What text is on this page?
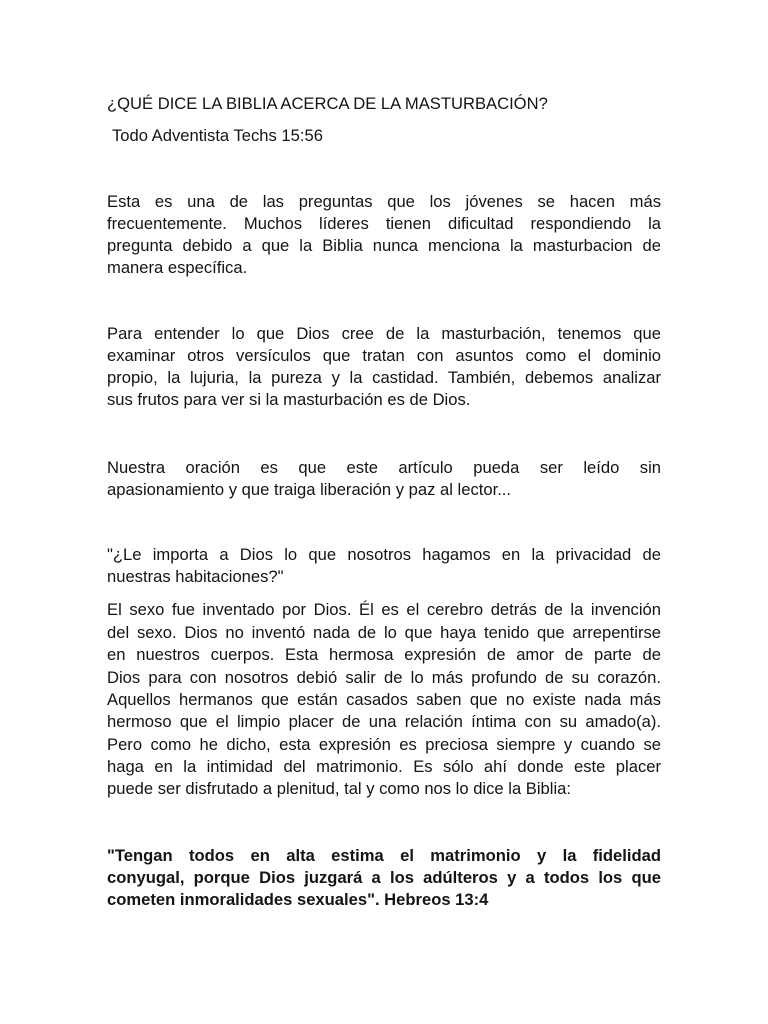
¿QUÉ DICE LA BIBLIA ACERCA DE LA MASTURBACIÓN?

Todo Adventista Techs 15:56

Esta es una de las preguntas que los jóvenes se hacen más

frecuentemente. Muchos líderes tienen dificultad respondiendo la

pregunta debido a que la Biblia nunca menciona la masturbacion de

manera específica.

Para entender lo que Dios cree de la masturbación, tenemos que

examinar otros versículos que tratan con asuntos como el dominio

propio, la lujuria, la pureza y la castidad. También, debemos analizar

sus frutos para ver si la masturbación es de Dios.

Nuestra oración es que este artículo pueda ser leído sin

apasionamiento y que traiga liberación y paz al lector...

"¿Le importa a Dios lo que nosotros hagamos en la privacidad de

nuestras habitaciones?"

El sexo fue inventado por Dios. Él es el cerebro detrás de la invención

del sexo. Dios no inventó nada de lo que haya tenido que arrepentirse

en nuestros cuerpos. Esta hermosa expresión de amor de parte de

Dios para con nosotros debió salir de lo más profundo de su corazón.

Aquellos hermanos que están casados saben que no existe nada más

hermoso que el limpio placer de una relación íntima con su amado(a).

Pero como he dicho, esta expresión es preciosa siempre y cuando se

haga en la intimidad del matrimonio. Es sólo ahí donde este placer

puede ser disfrutado a plenitud, tal y como nos lo dice la Biblia:

"Tengan todos en alta estima el matrimonio y la fidelidad

conyugal, porque Dios juzgará a los adúlteros y a todos los que

cometen inmoralidades sexuales". Hebreos 13:4
